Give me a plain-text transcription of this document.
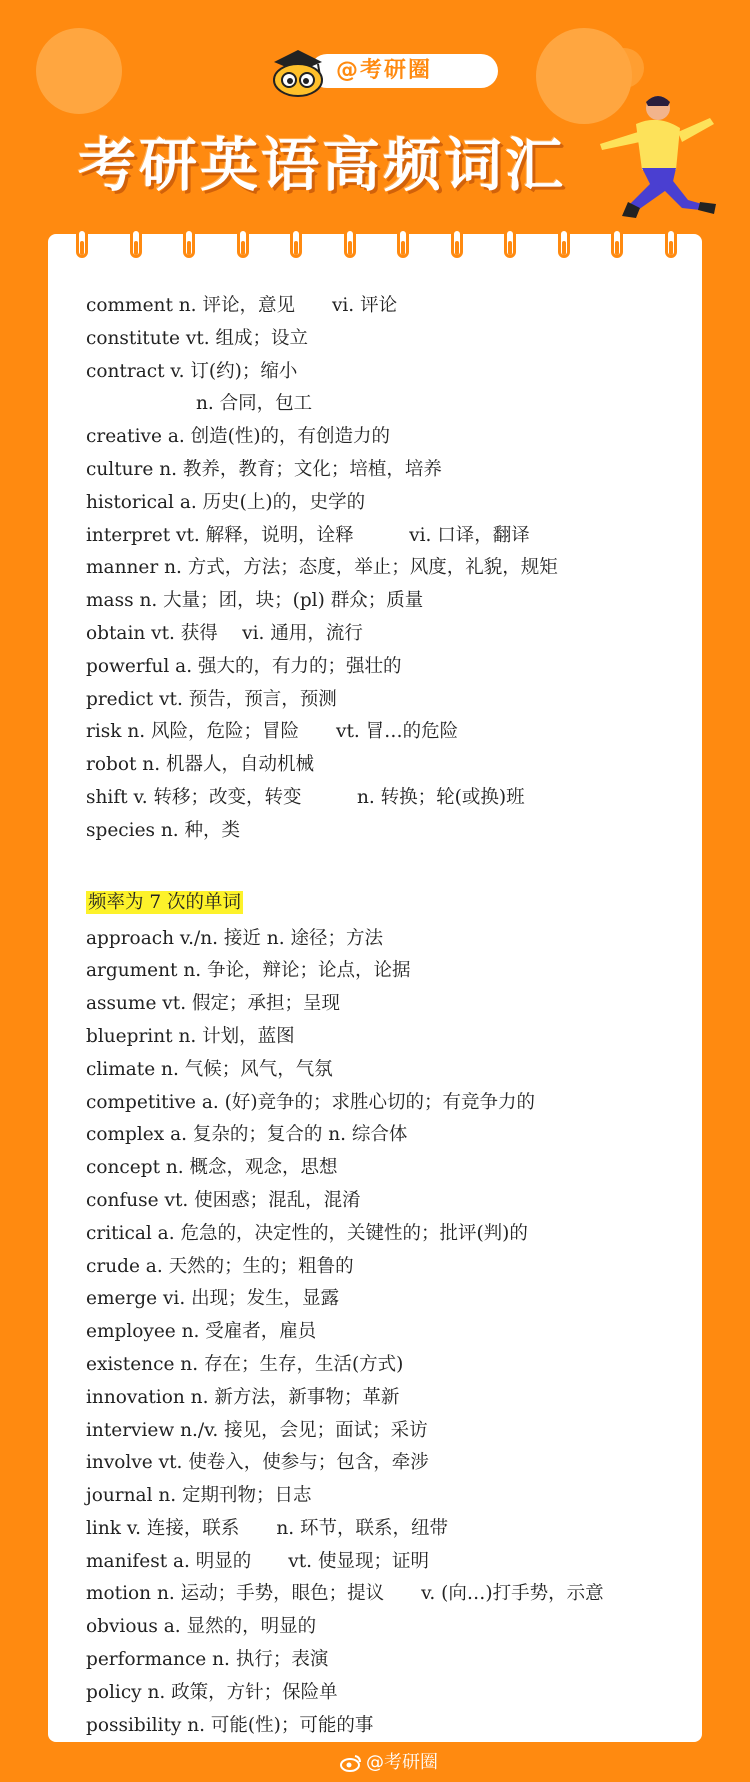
@考研圈
考研英语高频词汇
comment n. 评论，意见　　vi. 评论
constitute vt. 组成；设立
contract v. 订(约)；缩小
n. 合同，包工
creative a. 创造(性)的，有创造力的
culture n. 教养，教育；文化；培植，培养
historical a. 历史(上)的，史学的
interpret vt. 解释，说明，诠释　　　vi. 口译，翻译
manner n. 方式，方法；态度，举止；风度，礼貌，规矩
mass n. 大量；团，块；(pl) 群众；质量
obtain vt. 获得　 vi. 通用，流行
powerful a. 强大的，有力的；强壮的
predict vt. 预告，预言，预测
risk n. 风险，危险；冒险　　vt. 冒…的危险
robot n. 机器人，自动机械
shift v. 转移；改变，转变　　　n. 转换；轮(或换)班
species n. 种，类
频率为 7 次的单词
approach v./n. 接近 n. 途径；方法
argument n. 争论，辩论；论点，论据
assume vt. 假定；承担；呈现
blueprint n. 计划，蓝图
climate n. 气候；风气，气氛
competitive a. (好)竞争的；求胜心切的；有竞争力的
complex a. 复杂的；复合的 n. 综合体
concept n. 概念，观念，思想
confuse vt. 使困惑；混乱，混淆
critical a. 危急的，决定性的，关键性的；批评(判)的
crude a. 天然的；生的；粗鲁的
emerge vi. 出现；发生，显露
employee n. 受雇者，雇员
existence n. 存在；生存，生活(方式)
innovation n. 新方法，新事物；革新
interview n./v. 接见，会见；面试；采访
involve vt. 使卷入，使参与；包含，牵涉
journal n. 定期刊物；日志
link v. 连接，联系　　n. 环节，联系，纽带
manifest a. 明显的　　vt. 使显现；证明
motion n. 运动；手势，眼色；提议　　v. (向…)打手势，示意
obvious a. 显然的，明显的
performance n. 执行；表演
policy n. 政策，方针；保险单
possibility n. 可能(性)；可能的事
@考研圈
